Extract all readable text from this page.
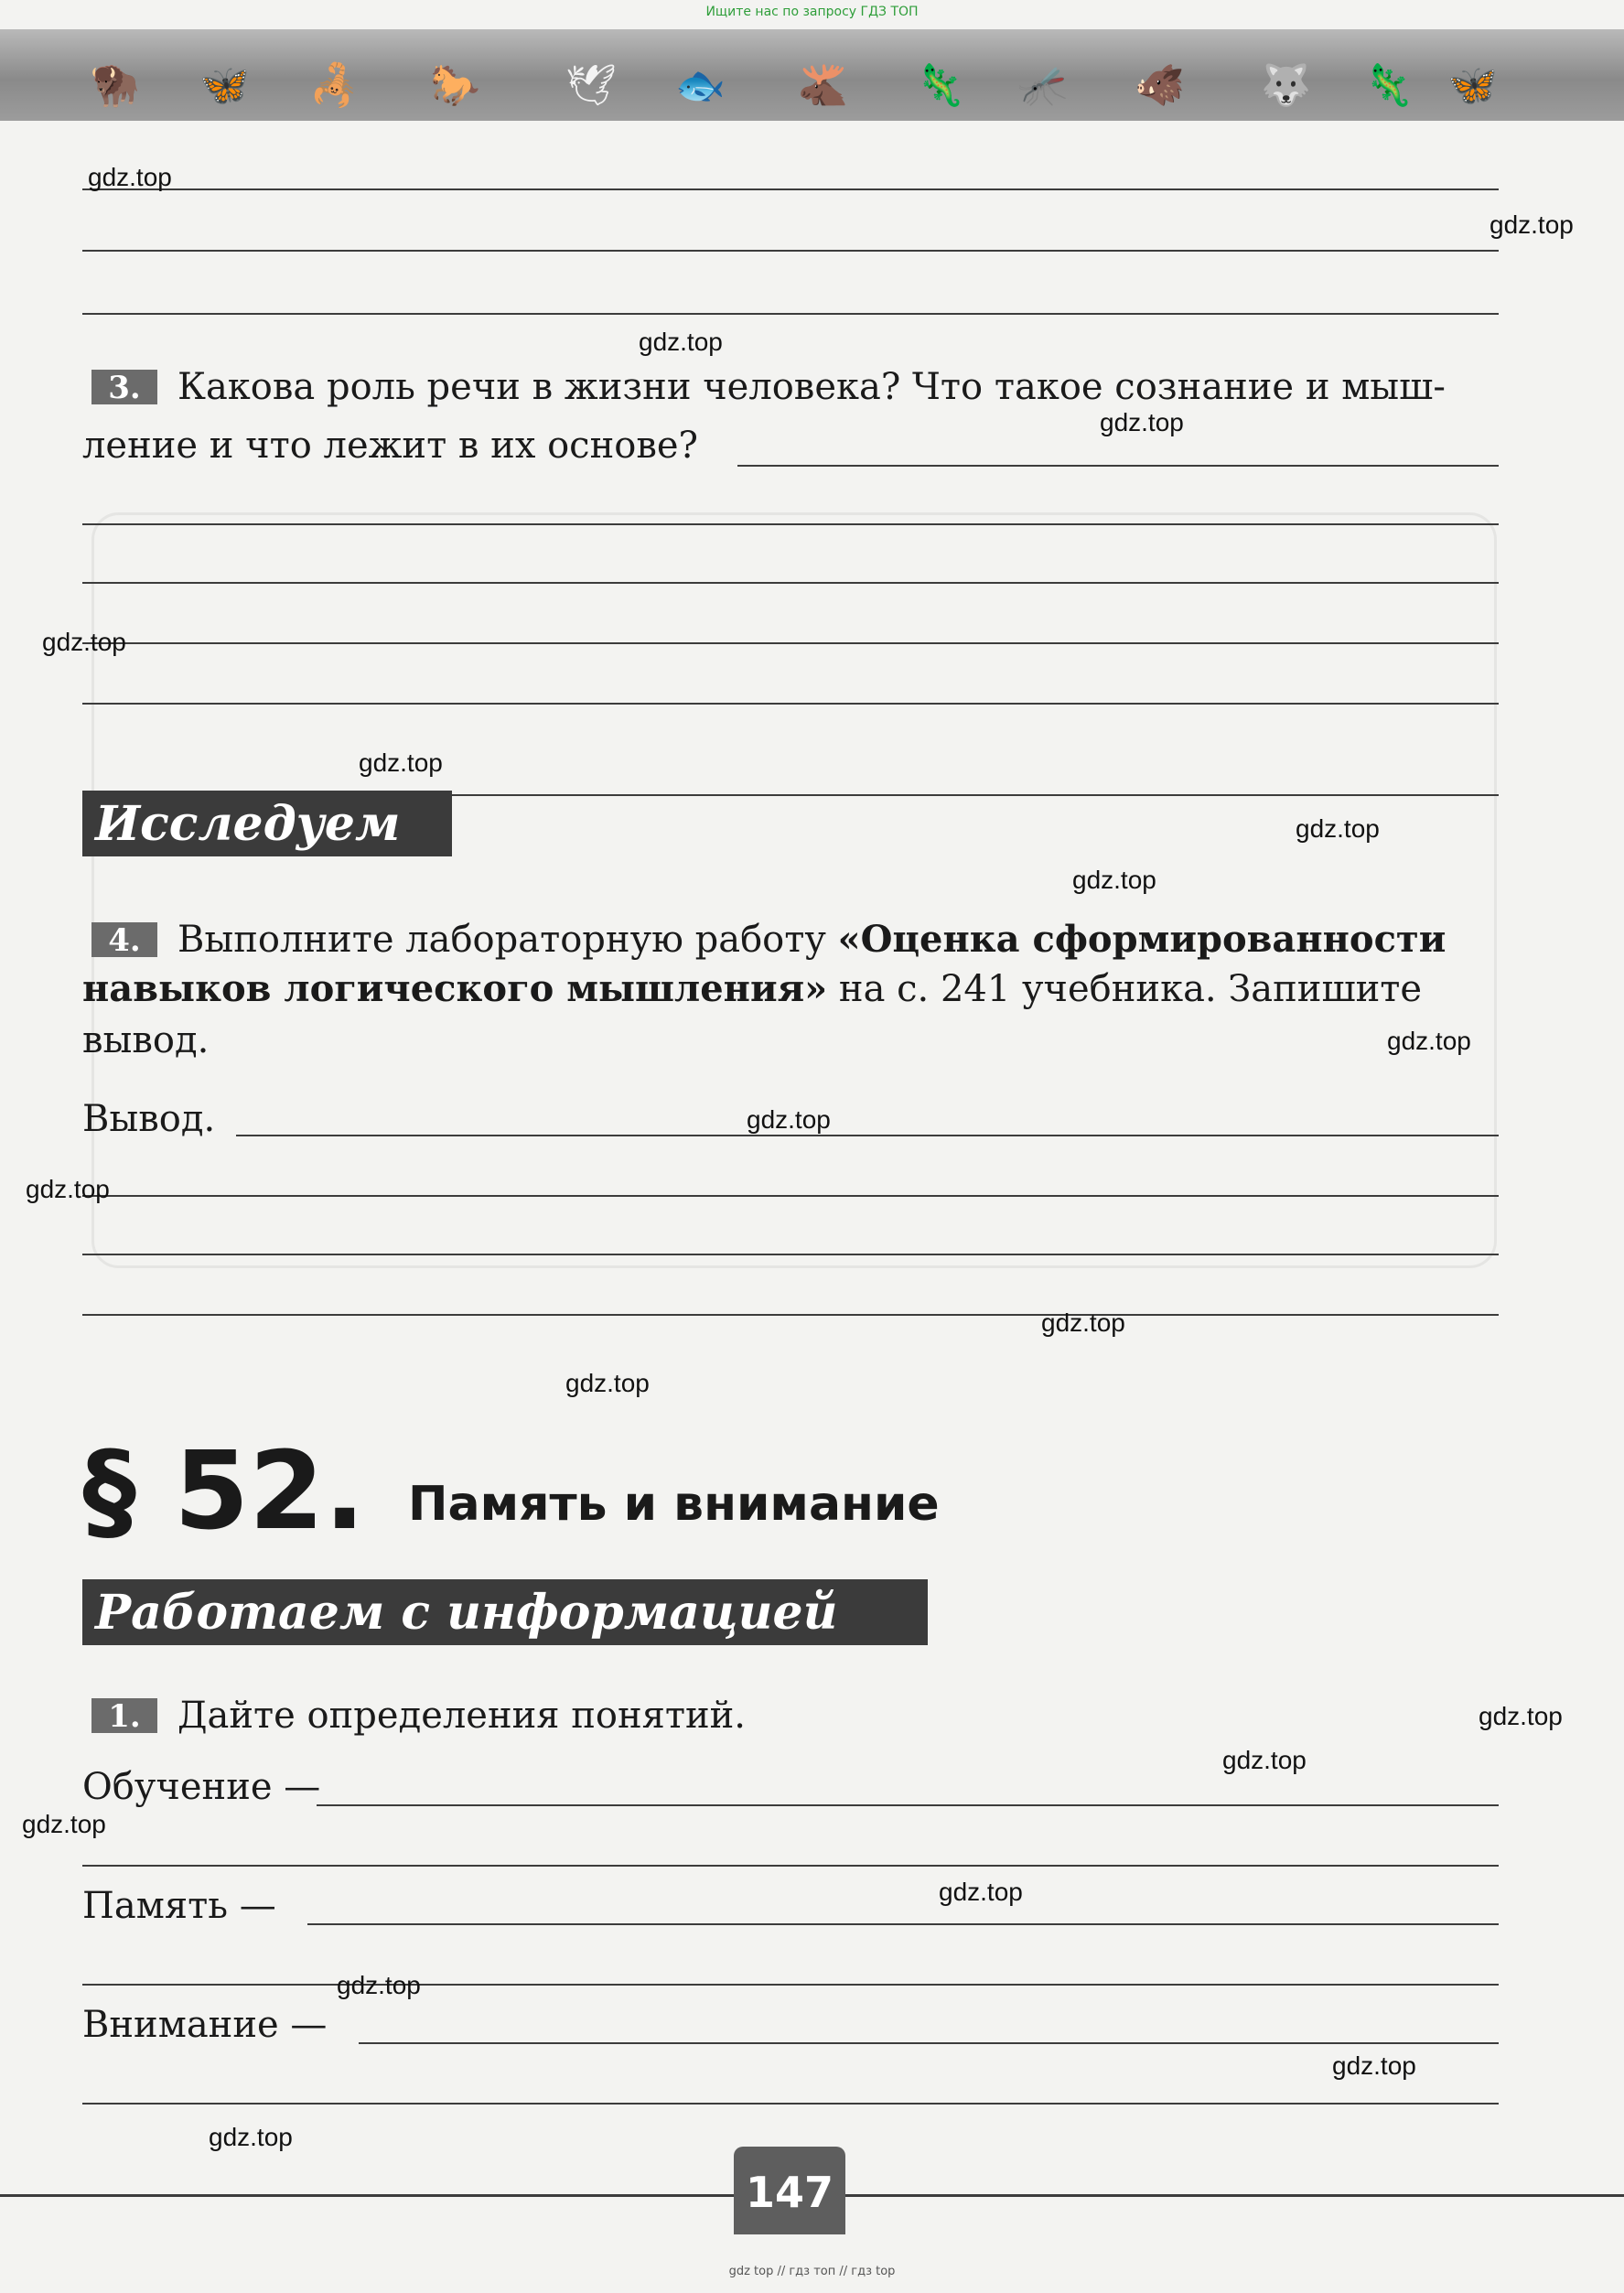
Ищите нас по запросу ГДЗ ТОП
🦬 🦋 🦂 🐎 🕊 🐟 🫎 🦎 🦟 🐗 🐺 🦎 🦋
3.	Какова роль речи в жизни человека? Что такое сознание и мыш-
ление и что лежит в их основе?
Исследуем
4.	Выполните лабораторную работу «Оценка сформированности
навыков логического мышления» на с. 241 учебника. Запишите
вывод.
Вывод.
§ 52. Память и внимание
Работаем с информацией
1.	Дайте определения понятий.
Обучение —
Память —
Внимание —
147
gdz top // гдз топ // гдз top
gdz.top
gdz.top
gdz.top
gdz.top
gdz.top
gdz.top
gdz.top
gdz.top
gdz.top
gdz.top
gdz.top
gdz.top
gdz.top
gdz.top
gdz.top
gdz.top
gdz.top
gdz.top
gdz.top
gdz.top
